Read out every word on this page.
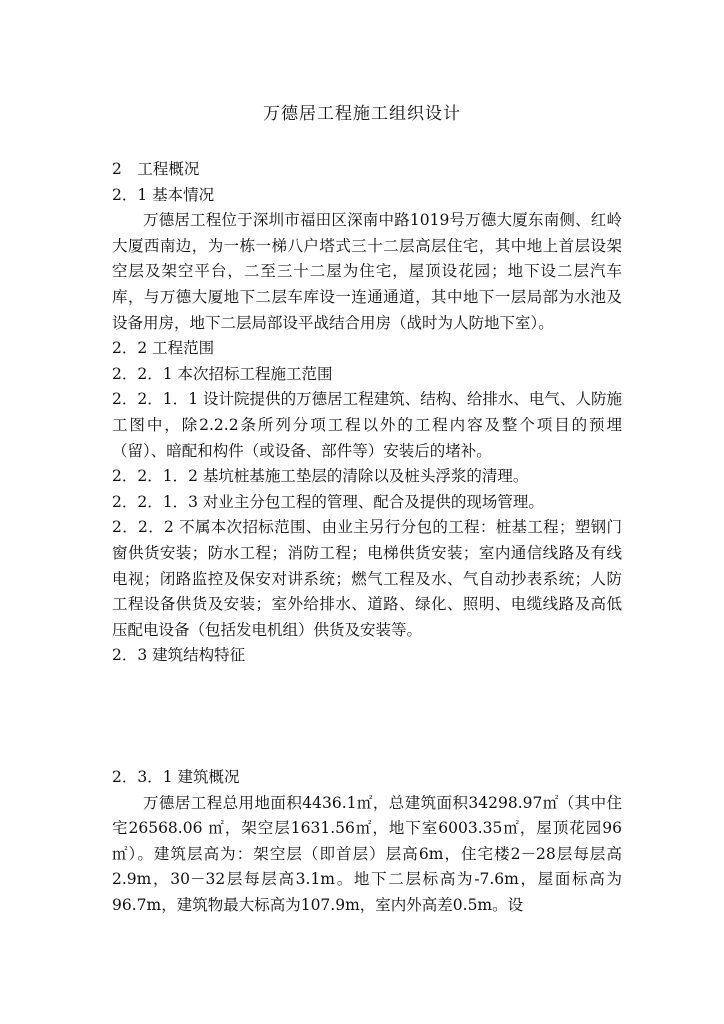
万德居工程施工组织设计

2　工程概况

2．1 基本情况

万德居工程位于深圳市福田区深南中路1019号万德大厦东南侧、红岭大厦西南边，为一栋一梯八户塔式三十二层高层住宅，其中地上首层设架空层及架空平台，二至三十二屋为住宅，屋顶设花园；地下设二层汽车库，与万德大厦地下二层车库设一连通通道，其中地下一层局部为水池及设备用房，地下二层局部设平战结合用房（战时为人防地下室）。

2．2 工程范围

2．2．1 本次招标工程施工范围

2．2．1．1 设计院提供的万德居工程建筑、结构、给排水、电气、人防施工图中，除2.2.2条所列分项工程以外的工程内容及整个项目的预埋（留）、暗配和构件（或设备、部件等）安装后的堵补。

2．2．1．2 基坑桩基施工垫层的清除以及桩头浮浆的清理。

2．2．1．3 对业主分包工程的管理、配合及提供的现场管理。

2．2．2 不属本次招标范围、由业主另行分包的工程：桩基工程；塑钢门窗供货安装；防水工程；消防工程；电梯供货安装；室内通信线路及有线电视；闭路监控及保安对讲系统；燃气工程及水、气自动抄表系统；人防工程设备供货及安装；室外给排水、道路、绿化、照明、电缆线路及高低压配电设备（包括发电机组）供货及安装等。

2．3 建筑结构特征

2．3．1 建筑概况

万德居工程总用地面积4436.1㎡，总建筑面积34298.97㎡（其中住宅26568.06 ㎡，架空层1631.56㎡，地下室6003.35㎡，屋顶花园96㎡）。建筑层高为：架空层（即首层）层高6m，住宅楼2－28层每层高2.9m，30－32层每层高3.1m。地下二层标高为-7.6m，屋面标高为96.7m，建筑物最大标高为107.9m，室内外高差0.5m。设
